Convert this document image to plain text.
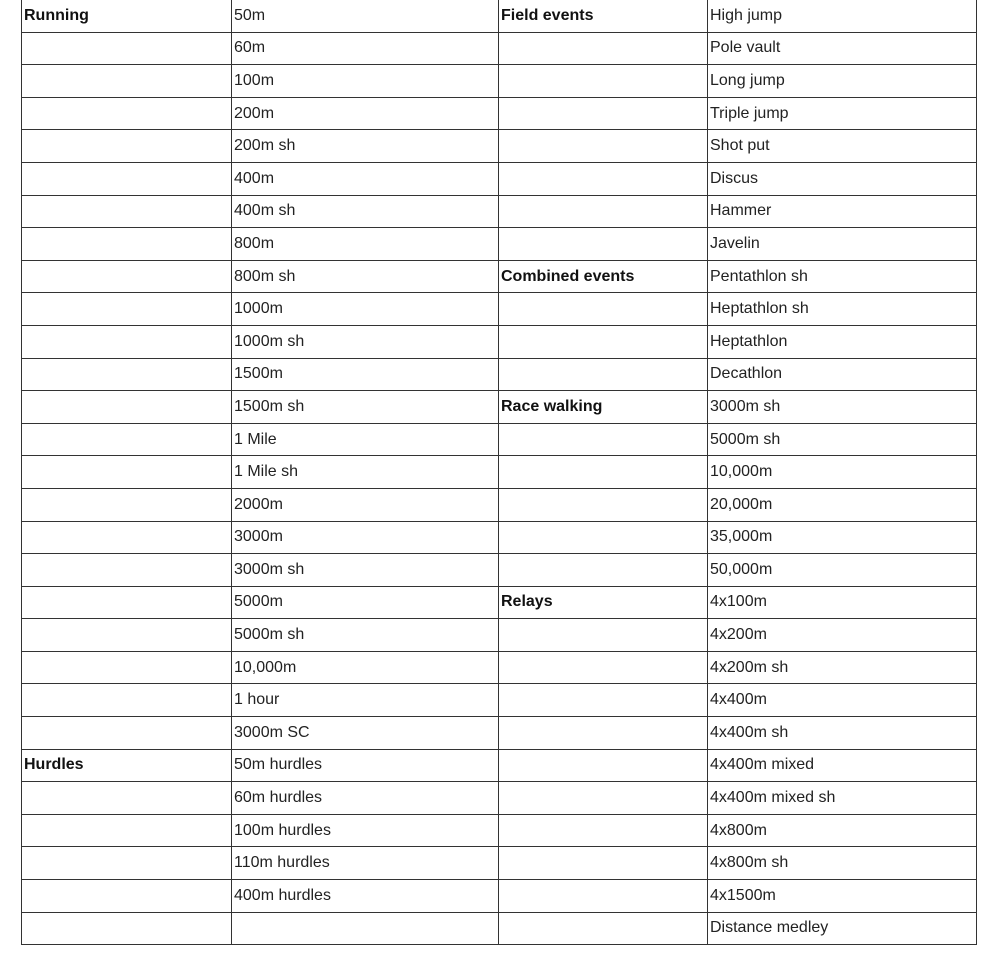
Running	50m	Field events	High jump
	60m		Pole vault
	100m		Long jump
	200m		Triple jump
	200m sh		Shot put
	400m		Discus
	400m sh		Hammer
	800m		Javelin
	800m sh	Combined events	Pentathlon sh
	1000m		Heptathlon sh
	1000m sh		Heptathlon
	1500m		Decathlon
	1500m sh	Race walking	3000m sh
	1 Mile		5000m sh
	1 Mile sh		10,000m
	2000m		20,000m
	3000m		35,000m
	3000m sh		50,000m
	5000m	Relays	4x100m
	5000m sh		4x200m
	10,000m		4x200m sh
	1 hour		4x400m
	3000m SC		4x400m sh
Hurdles	50m hurdles		4x400m mixed
	60m hurdles		4x400m mixed sh
	100m hurdles		4x800m
	110m hurdles		4x800m sh
	400m hurdles		4x1500m
			Distance medley
